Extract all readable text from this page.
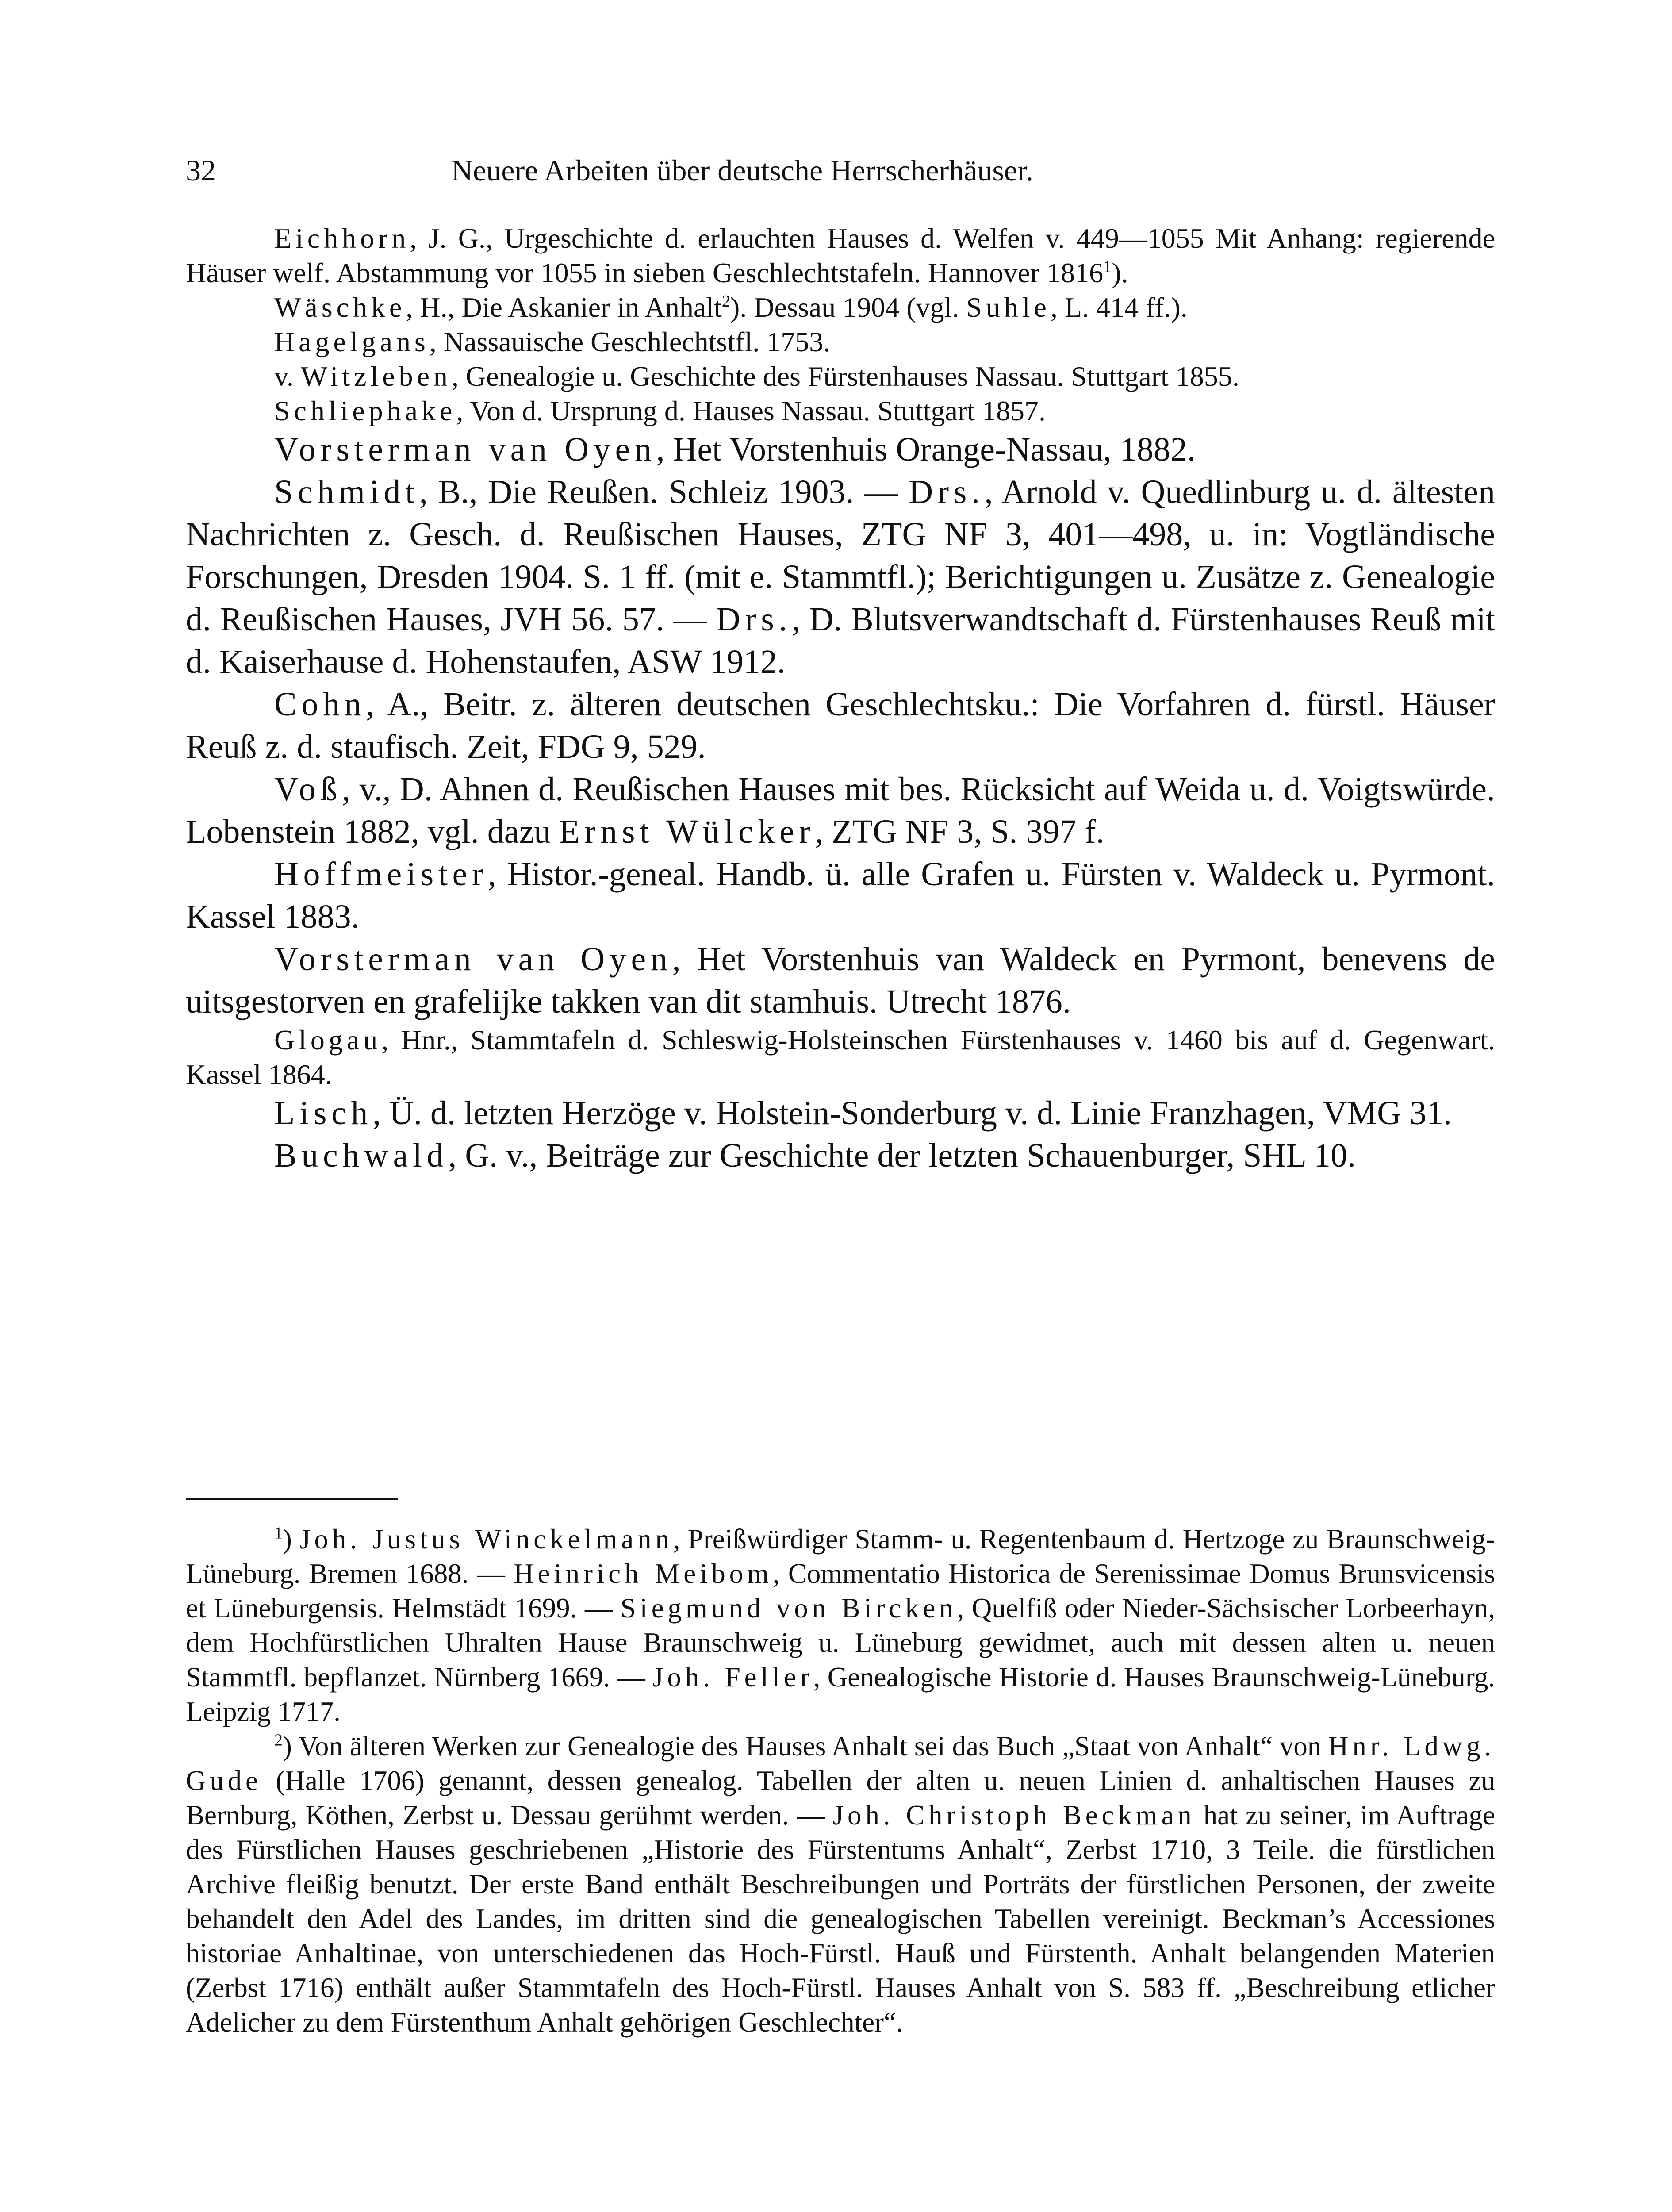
32	Neuere Arbeiten über deutsche Herrscherhäuser.

Eichhorn, J. G., Urgeschichte d. erlauchten Hauses d. Welfen v. 449—1055 Mit Anhang: regierende Häuser welf. Abstammung vor 1055 in sieben Geschlechtstafeln. Hannover 1816$^1$).

Wäschke, H., Die Askanier in Anhalt$^2$). Dessau 1904 (vgl. Suhle, L. 414 ff.).

Hagelgans, Nassauische Geschlechtstfl. 1753.

v. Witzleben, Genealogie u. Geschichte des Fürstenhauses Nassau. Stuttgart 1855.

Schliephake, Von d. Ursprung d. Hauses Nassau. Stuttgart 1857.

Vorsterman van Oyen, Het Vorstenhuis Orange-Nassau, 1882.

Schmidt, B., Die Reußen. Schleiz 1903. — Drs., Arnold v. Quedlinburg u. d. ältesten Nachrichten z. Gesch. d. Reußischen Hauses, ZTG NF 3, 401—498, u. in: Vogtländische Forschungen, Dresden 1904. S. 1 ff. (mit e. Stammtfl.); Berichtigungen u. Zusätze z. Genealogie d. Reußischen Hauses, JVH 56. 57. — Drs., D. Blutsverwandtschaft d. Fürstenhauses Reuß mit d. Kaiserhause d. Hohenstaufen, ASW 1912.

Cohn, A., Beitr. z. älteren deutschen Geschlechtsku.: Die Vorfahren d. fürstl. Häuser Reuß z. d. staufisch. Zeit, FDG 9, 529.

Voß, v., D. Ahnen d. Reußischen Hauses mit bes. Rücksicht auf Weida u. d. Voigtswürde. Lobenstein 1882, vgl. dazu Ernst Wülcker, ZTG NF 3, S. 397 f.

Hoffmeister, Histor.-geneal. Handb. ü. alle Grafen u. Fürsten v. Waldeck u. Pyrmont. Kassel 1883.

Vorsterman van Oyen, Het Vorstenhuis van Waldeck en Pyrmont, benevens de uitsgestorven en grafelijke takken van dit stamhuis. Utrecht 1876.

Glogau, Hnr., Stammtafeln d. Schleswig-Holsteinschen Fürstenhauses v. 1460 bis auf d. Gegenwart. Kassel 1864.

Lisch, Ü. d. letzten Herzöge v. Holstein-Sonderburg v. d. Linie Franzhagen, VMG 31.

Buchwald, G. v., Beiträge zur Geschichte der letzten Schauenburger, SHL 10.

$^1$) Joh. Justus Winckelmann, Preißwürdiger Stamm- u. Regentenbaum d. Hertzoge zu Braunschweig-Lüneburg. Bremen 1688. — Heinrich Meibom, Commentatio Historica de Serenissimae Domus Brunsvicensis et Lüneburgensis. Helmstädt 1699. — Siegmund von Bircken, Quelfiß oder Nieder-Sächsischer Lorbeerhayn, dem Hochfürstlichen Uhralten Hause Braunschweig u. Lüneburg gewidmet, auch mit dessen alten u. neuen Stammtfl. bepflanzet. Nürnberg 1669. — Joh. Feller, Genealogische Historie d. Hauses Braunschweig-Lüneburg. Leipzig 1717.

$^2$) Von älteren Werken zur Genealogie des Hauses Anhalt sei das Buch „Staat von Anhalt“ von Hnr. Ldwg. Gude (Halle 1706) genannt, dessen genealog. Tabellen der alten u. neuen Linien d. anhaltischen Hauses zu Bernburg, Köthen, Zerbst u. Dessau gerühmt werden. — Joh. Christoph Beckman hat zu seiner, im Auftrage des Fürstlichen Hauses geschriebenen „Historie des Fürstentums Anhalt“, Zerbst 1710, 3 Teile. die fürstlichen Archive fleißig benutzt. Der erste Band enthält Beschreibungen und Porträts der fürstlichen Personen, der zweite behandelt den Adel des Landes, im dritten sind die genealogischen Tabellen vereinigt. Beckman’s Accessiones historiae Anhaltinae, von unterschiedenen das Hoch-Fürstl. Hauß und Fürstenth. Anhalt belangenden Materien (Zerbst 1716) enthält außer Stammtafeln des Hoch-Fürstl. Hauses Anhalt von S. 583 ff. „Beschreibung etlicher Adelicher zu dem Fürstenthum Anhalt gehörigen Geschlechter“.
